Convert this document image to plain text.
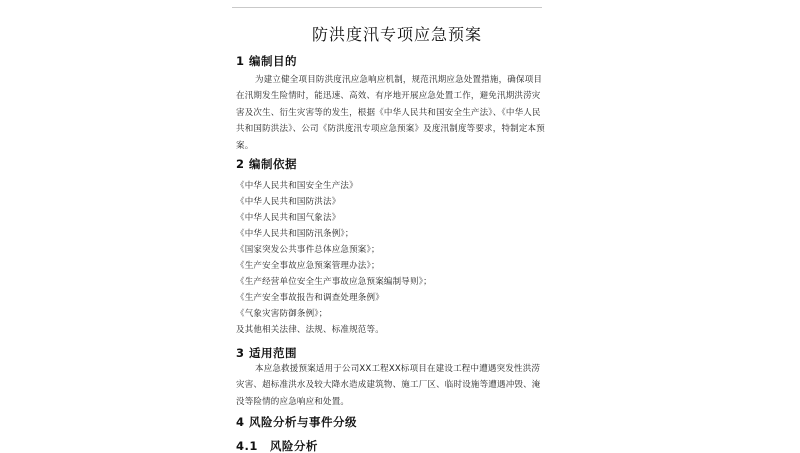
防洪度汛专项应急预案
1 编制目的
为建立健全项目防洪度汛应急响应机制，规范汛期应急处置措施，确保项目在汛期发生险情时，能迅速、高效、有序地开展应急处置工作，避免汛期洪涝灾害及次生、衍生灾害等的发生，根据《中华人民共和国安全生产法》、《中华人民共和国防洪法》、公司《防洪度汛专项应急预案》及度汛制度等要求，特制定本预案。
2 编制依据
《中华人民共和国安全生产法》
《中华人民共和国防洪法》
《中华人民共和国气象法》
《中华人民共和国防汛条例》；
《国家突发公共事件总体应急预案》；
《生产安全事故应急预案管理办法》；
《生产经营单位安全生产事故应急预案编制导则》；
《生产安全事故报告和调查处理条例》
《气象灾害防御条例》；
及其他相关法律、法规、标准规范等。
3 适用范围
本应急救援预案适用于公司XX工程XX标项目在建设工程中遭遇突发性洪涝灾害、超标准洪水及较大降水造成建筑物、施工厂区、临时设施等遭遇冲毁、淹没等险情的应急响应和处置。
4 风险分析与事件分级
4.1　风险分析
